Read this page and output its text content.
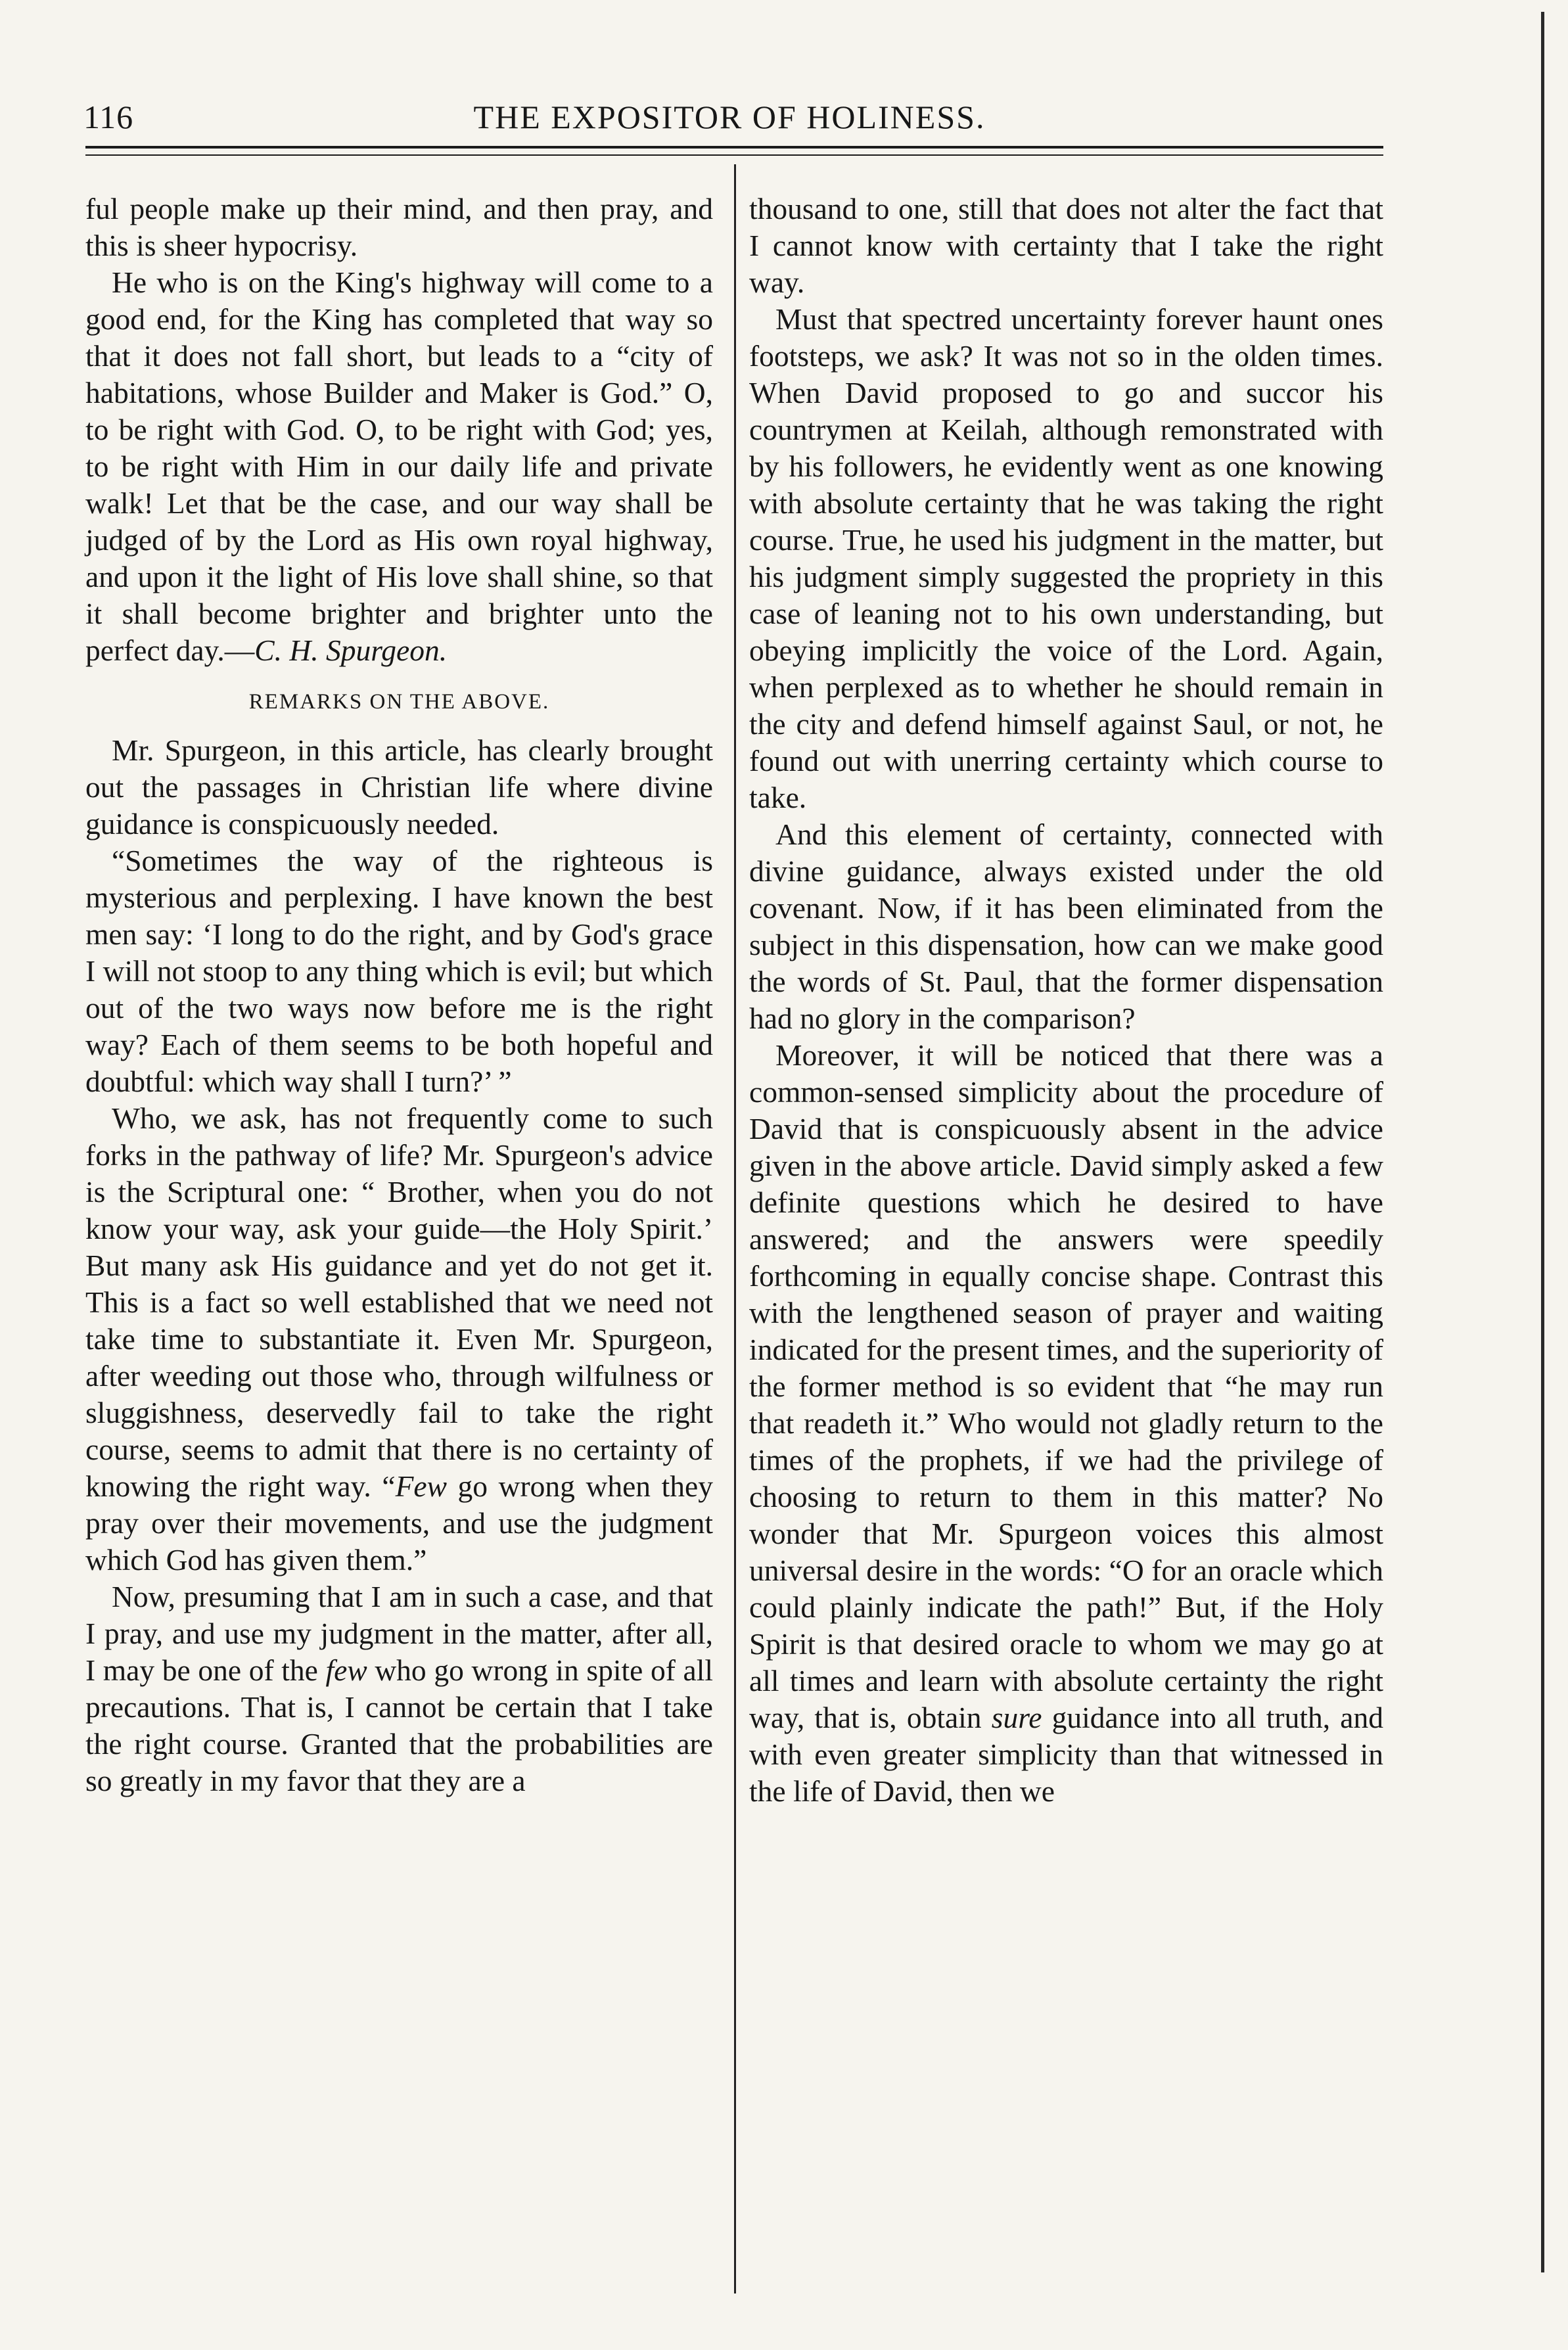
116	THE EXPOSITOR OF HOLINESS.

ful people make up their mind, and then pray, and this is sheer hypocrisy.

He who is on the King's highway will come to a good end, for the King has completed that way so that it does not fall short, but leads to a “city of habitations, whose Builder and Maker is God.” O, to be right with God. O, to be right with God; yes, to be right with Him in our daily life and private walk! Let that be the case, and our way shall be judged of by the Lord as His own royal highway, and upon it the light of His love shall shine, so that it shall become brighter and brighter unto the perfect day.—C. H. Spurgeon.

REMARKS ON THE ABOVE.

Mr. Spurgeon, in this article, has clearly brought out the passages in Christian life where divine guidance is conspicuously needed.

“Sometimes the way of the righteous is mysterious and perplexing. I have known the best men say: ‘I long to do the right, and by God's grace I will not stoop to any thing which is evil; but which out of the two ways now before me is the right way? Each of them seems to be both hopeful and doubtful: which way shall I turn?’ ”

Who, we ask, has not frequently come to such forks in the pathway of life? Mr. Spurgeon's advice is the Scriptural one: “ Brother, when you do not know your way, ask your guide—the Holy Spirit.’ But many ask His guidance and yet do not get it. This is a fact so well established that we need not take time to substantiate it. Even Mr. Spurgeon, after weeding out those who, through wilfulness or sluggishness, deservedly fail to take the right course, seems to admit that there is no certainty of knowing the right way. “Few go wrong when they pray over their movements, and use the judgment which God has given them.”

Now, presuming that I am in such a case, and that I pray, and use my judgment in the matter, after all, I may be one of the few who go wrong in spite of all precautions. That is, I cannot be certain that I take the right course. Granted that the probabilities are so greatly in my favor that they are a

thousand to one, still that does not alter the fact that I cannot know with certainty that I take the right way.

Must that spectred uncertainty forever haunt ones footsteps, we ask? It was not so in the olden times. When David proposed to go and succor his countrymen at Keilah, although remonstrated with by his followers, he evidently went as one knowing with absolute certainty that he was taking the right course. True, he used his judgment in the matter, but his judgment simply suggested the propriety in this case of leaning not to his own understanding, but obeying implicitly the voice of the Lord. Again, when perplexed as to whether he should remain in the city and defend himself against Saul, or not, he found out with unerring certainty which course to take.

And this element of certainty, connected with divine guidance, always existed under the old covenant. Now, if it has been eliminated from the subject in this dispensation, how can we make good the words of St. Paul, that the former dispensation had no glory in the comparison?

Moreover, it will be noticed that there was a common-sensed simplicity about the procedure of David that is conspicuously absent in the advice given in the above article. David simply asked a few definite questions which he desired to have answered; and the answers were speedily forthcoming in equally concise shape. Contrast this with the lengthened season of prayer and waiting indicated for the present times, and the superiority of the former method is so evident that “he may run that readeth it.” Who would not gladly return to the times of the prophets, if we had the privilege of choosing to return to them in this matter? No wonder that Mr. Spurgeon voices this almost universal desire in the words: “O for an oracle which could plainly indicate the path!” But, if the Holy Spirit is that desired oracle to whom we may go at all times and learn with absolute certainty the right way, that is, obtain sure guidance into all truth, and with even greater simplicity than that witnessed in the life of David, then we
